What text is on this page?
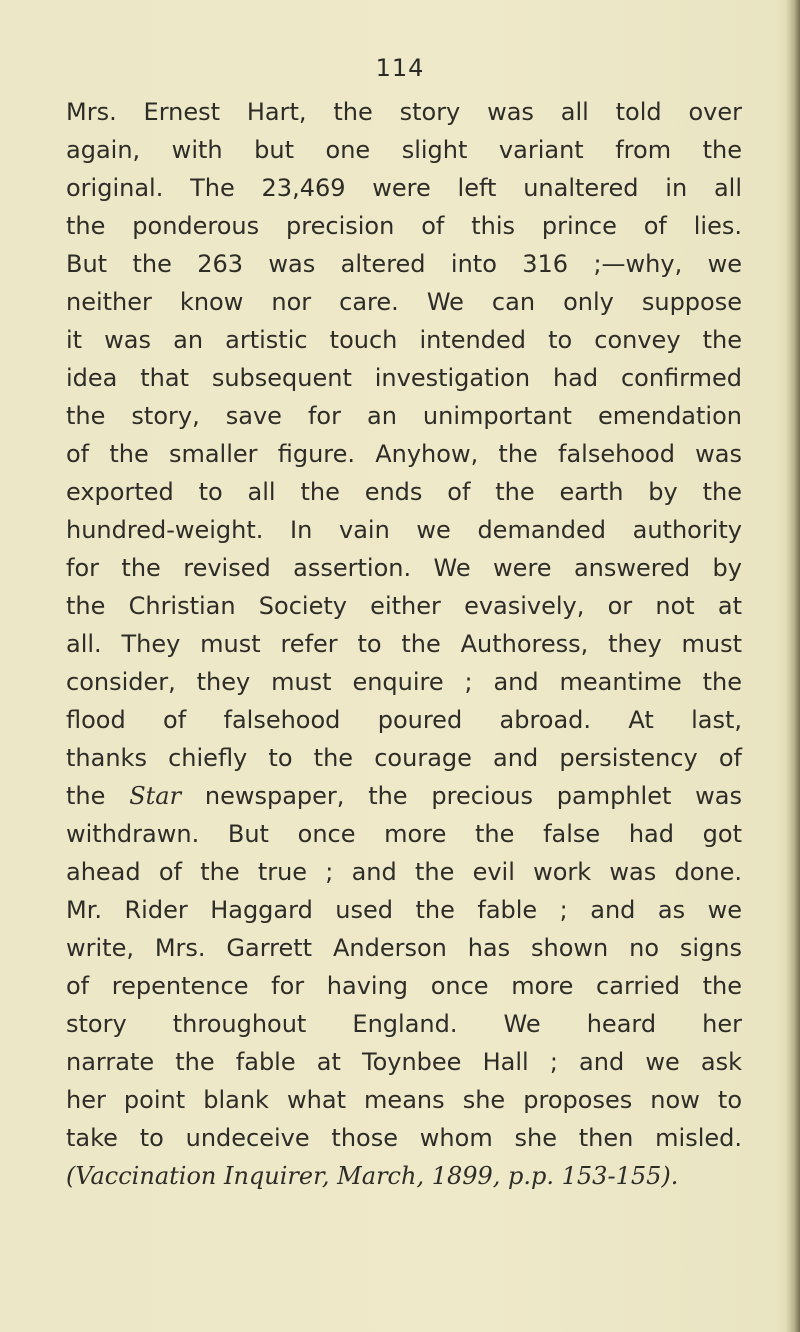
114
Mrs. Ernest Hart, the story was all told over
again, with but one slight variant from the
original. The 23,469 were left unaltered in all
the ponderous precision of this prince of lies.
But the 263 was altered into 316 ;—why, we
neither know nor care. We can only suppose
it was an artistic touch intended to convey the
idea that subsequent investigation had confirmed
the story, save for an unimportant emendation
of the smaller figure. Anyhow, the falsehood was
exported to all the ends of the earth by the
hundred-weight. In vain we demanded authority
for the revised assertion. We were answered by
the Christian Society either evasively, or not at
all. They must refer to the Authoress, they must
consider, they must enquire ; and meantime the
flood of falsehood poured abroad. At last,
thanks chiefly to the courage and persistency of
the Star newspaper, the precious pamphlet was
withdrawn. But once more the false had got
ahead of the true ; and the evil work was done.
Mr. Rider Haggard used the fable ; and as we
write, Mrs. Garrett Anderson has shown no signs
of repentence for having once more carried the
story throughout England. We heard her
narrate the fable at Toynbee Hall ; and we ask
her point blank what means she proposes now to
take to undeceive those whom she then misled.
(Vaccination Inquirer, March, 1899, p.p. 153-155).
